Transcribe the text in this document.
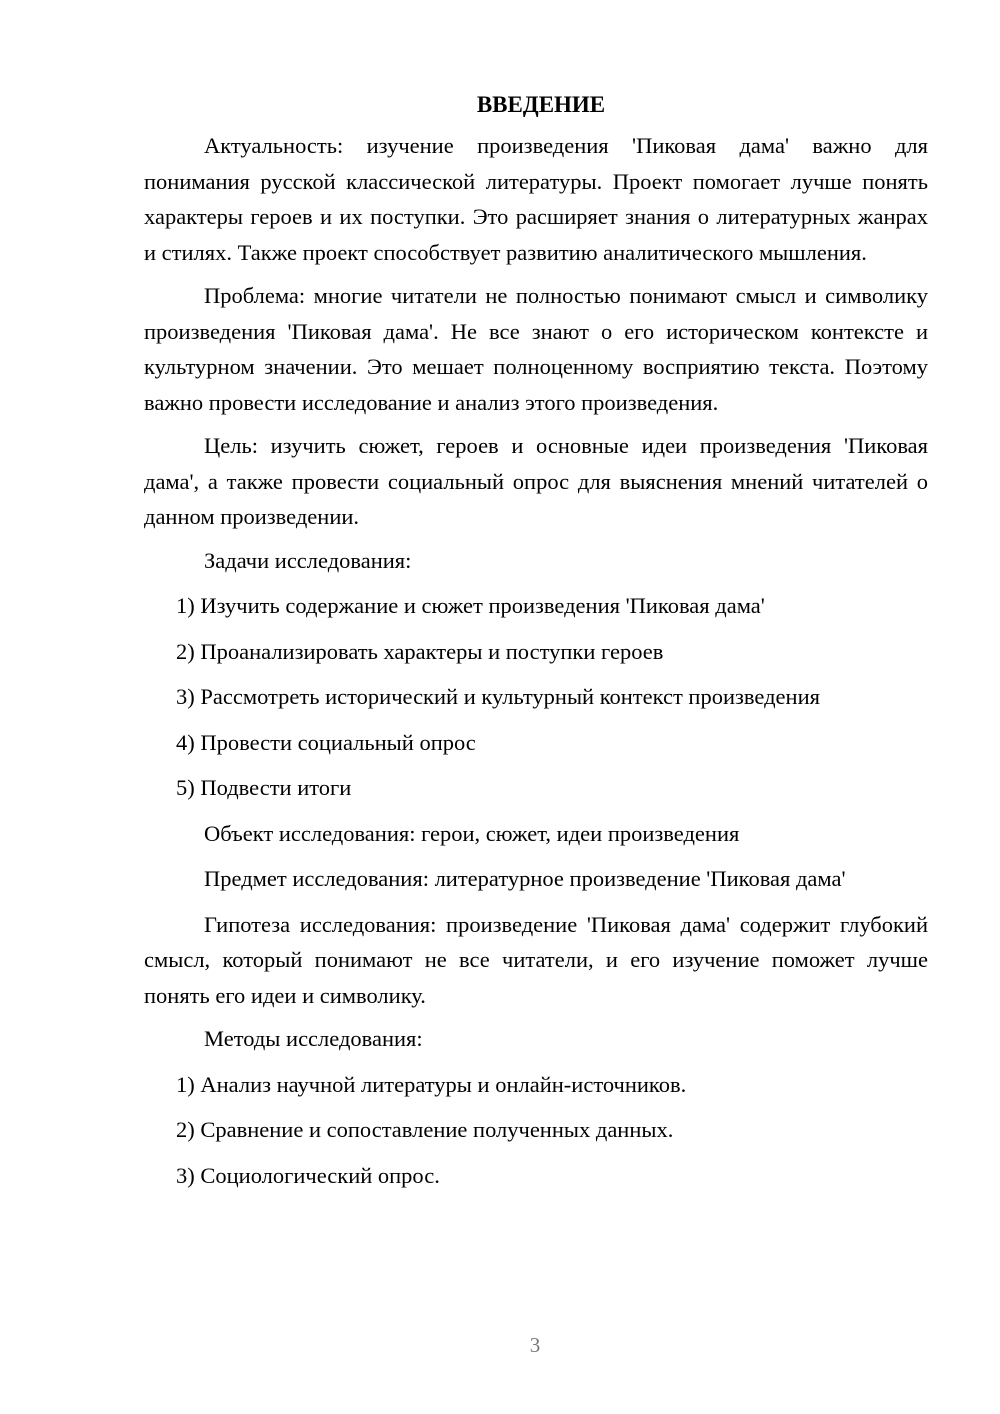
ВВЕДЕНИЕ

Актуальность: изучение произведения 'Пиковая дама' важно для понимания русской классической литературы. Проект помогает лучше понять характеры героев и их поступки. Это расширяет знания о литературных жанрах и стилях. Также проект способствует развитию аналитического мышления.

Проблема: многие читатели не полностью понимают смысл и символику произведения 'Пиковая дама'. Не все знают о его историческом контексте и культурном значении. Это мешает полноценному восприятию текста. Поэтому важно провести исследование и анализ этого произведения.

Цель: изучить сюжет, героев и основные идеи произведения 'Пиковая дама', а также провести социальный опрос для выяснения мнений читателей о данном произведении.

Задачи исследования:
1) Изучить содержание и сюжет произведения 'Пиковая дама'
2) Проанализировать характеры и поступки героев
3) Рассмотреть исторический и культурный контекст произведения
4) Провести социальный опрос
5) Подвести итоги
Объект исследования: герои, сюжет, идеи произведения
Предмет исследования: литературное произведение 'Пиковая дама'

Гипотеза исследования: произведение 'Пиковая дама' содержит глубокий смысл, который понимают не все читатели, и его изучение поможет лучше понять его идеи и символику.

Методы исследования:
1) Анализ научной литературы и онлайн-источников.
2) Сравнение и сопоставление полученных данных.
3) Социологический опрос.
3
